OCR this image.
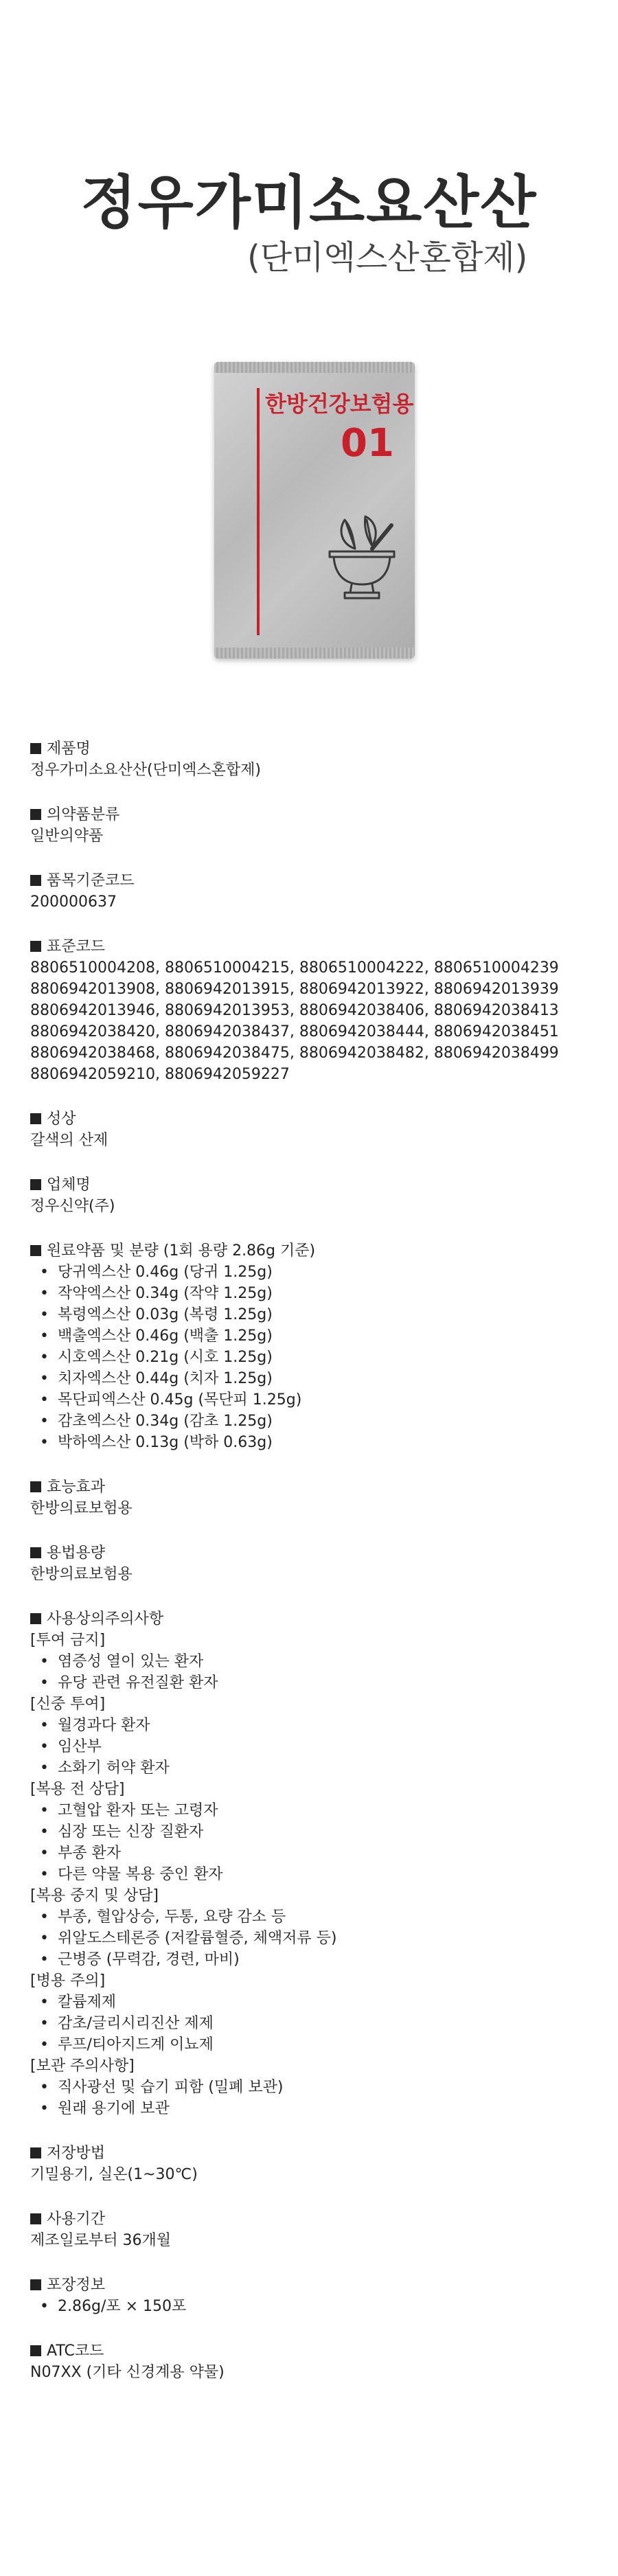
정우가미소요산산
(단미엑스산혼합제)
한방건강보험용
01
제품명
정우가미소요산산(단미엑스혼합제)
의약품분류
일반의약품
품목기준코드
200000637
표준코드
8806510004208, 8806510004215, 8806510004222, 8806510004239
8806942013908, 8806942013915, 8806942013922, 8806942013939
8806942013946, 8806942013953, 8806942038406, 8806942038413
8806942038420, 8806942038437, 8806942038444, 8806942038451
8806942038468, 8806942038475, 8806942038482, 8806942038499
8806942059210, 8806942059227
성상
갈색의 산제
업체명
정우신약(주)
원료약품 및 분량 (1회 용량 2.86g 기준)
• 당귀엑스산 0.46g (당귀 1.25g)
• 작약엑스산 0.34g (작약 1.25g)
• 복령엑스산 0.03g (복령 1.25g)
• 백출엑스산 0.46g (백출 1.25g)
• 시호엑스산 0.21g (시호 1.25g)
• 치자엑스산 0.44g (치자 1.25g)
• 목단피엑스산 0.45g (목단피 1.25g)
• 감초엑스산 0.34g (감초 1.25g)
• 박하엑스산 0.13g (박하 0.63g)
효능효과
한방의료보험용
용법용량
한방의료보험용
사용상의주의사항
[투여 금지]
• 염증성 열이 있는 환자
• 유당 관련 유전질환 환자
[신중 투여]
• 월경과다 환자
• 임산부
• 소화기 허약 환자
[복용 전 상담]
• 고혈압 환자 또는 고령자
• 심장 또는 신장 질환자
• 부종 환자
• 다른 약물 복용 중인 환자
[복용 중지 및 상담]
• 부종, 혈압상승, 두통, 요량 감소 등
• 위알도스테론증 (저칼륨혈증, 체액저류 등)
• 근병증 (무력감, 경련, 마비)
[병용 주의]
• 칼륨제제
• 감초/글리시리진산 제제
• 루프/티아지드계 이뇨제
[보관 주의사항]
• 직사광선 및 습기 피함 (밀폐 보관)
• 원래 용기에 보관
저장방법
기밀용기, 실온(1~30℃)
사용기간
제조일로부터 36개월
포장정보
• 2.86g/포 × 150포
ATC코드
N07XX (기타 신경계용 약물)
